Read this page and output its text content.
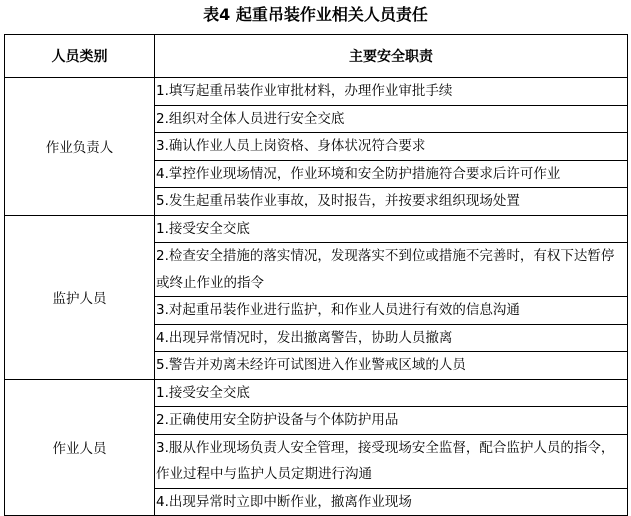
表4 起重吊装作业相关人员责任
人员类别	主要安全职责
作业负责人	1.填写起重吊装作业审批材料，办理作业审批手续
2.组织对全体人员进行安全交底
3.确认作业人员上岗资格、身体状况符合要求
4.掌控作业现场情况，作业环境和安全防护措施符合要求后许可作业
5.发生起重吊装作业事故，及时报告，并按要求组织现场处置

监护人员	1.接受安全交底
2.检查安全措施的落实情况，发现落实不到位或措施不完善时，有权下达暂停或终止作业的指令
3.对起重吊装作业进行监护，和作业人员进行有效的信息沟通
4.出现异常情况时，发出撤离警告，协助人员撤离
5.警告并劝离未经许可试图进入作业警戒区域的人员

作业人员	1.接受安全交底
2.正确使用安全防护设备与个体防护用品
3.服从作业现场负责人安全管理，接受现场安全监督，配合监护人员的指令，作业过程中与监护人员定期进行沟通
4.出现异常时立即中断作业，撤离作业现场
